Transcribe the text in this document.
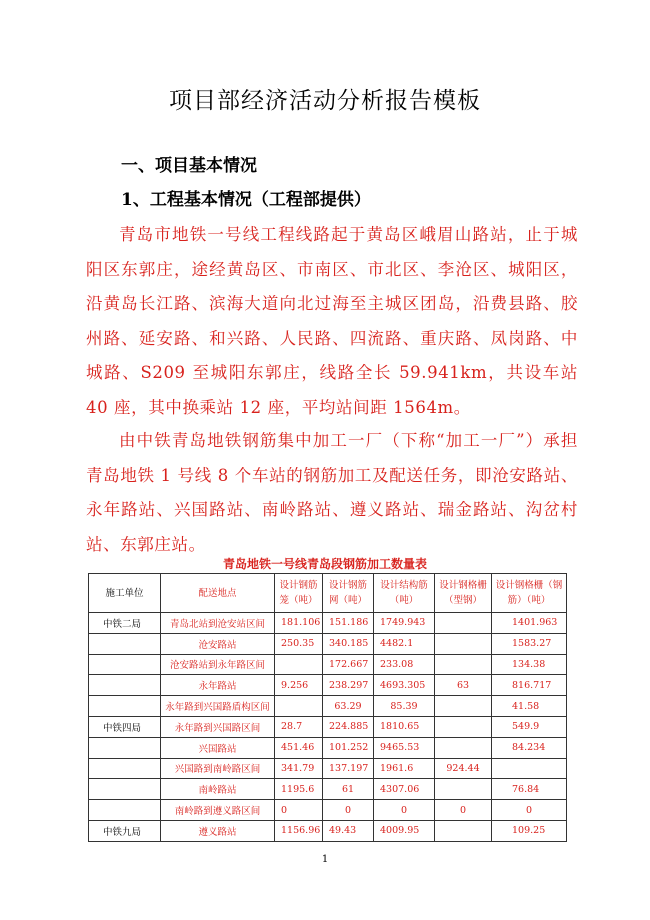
项目部经济活动分析报告模板
一、项目基本情况
1、工程基本情况（工程部提供）

青岛市地铁一号线工程线路起于黄岛区峨眉山路站，止于城阳区东郭庄，途经黄岛区、市南区、市北区、李沧区、城阳区，沿黄岛长江路、滨海大道向北过海至主城区团岛，沿费县路、胶州路、延安路、和兴路、人民路、四流路、重庆路、凤岗路、中城路、S209 至城阳东郭庄，线路全长 59.941km，共设车站 40 座，其中换乘站 12 座，平均站间距 1564m。

由中铁青岛地铁钢筋集中加工一厂（下称“加工一厂”）承担青岛地铁 1 号线 8 个车站的钢筋加工及配送任务，即沧安路站、永年路站、兴国路站、南岭路站、遵义路站、瑞金路站、沟岔村站、东郭庄站。

青岛地铁一号线青岛段钢筋加工数量表

施工单位	配送地点	设计钢筋笼（吨）	设计钢筋网（吨）	设计结构筋（吨）	设计钢格栅（型钢）	设计钢格栅（钢筋）（吨）
中铁二局	青岛北站到沧安站区间	181.106	151.186	1749.943		1401.963
	沧安路站	250.35	340.185	4482.1		1583.27
	沧安路站到永年路区间		172.667	233.08		134.38
	永年路站	9.256	238.297	4693.305	63	816.717
	永年路到兴国路盾构区间		63.29	85.39		41.58
中铁四局	永年路到兴国路区间	28.7	224.885	1810.65		549.9
	兴国路站	451.46	101.252	9465.53		84.234
	兴国路到南岭路区间	341.79	137.197	1961.6	924.44	
	南岭路站	1195.6	61	4307.06		76.84
	南岭路到遵义路区间	0	0	0	0	0
中铁九局	遵义路站	1156.96	49.43	4009.95		109.25

1
